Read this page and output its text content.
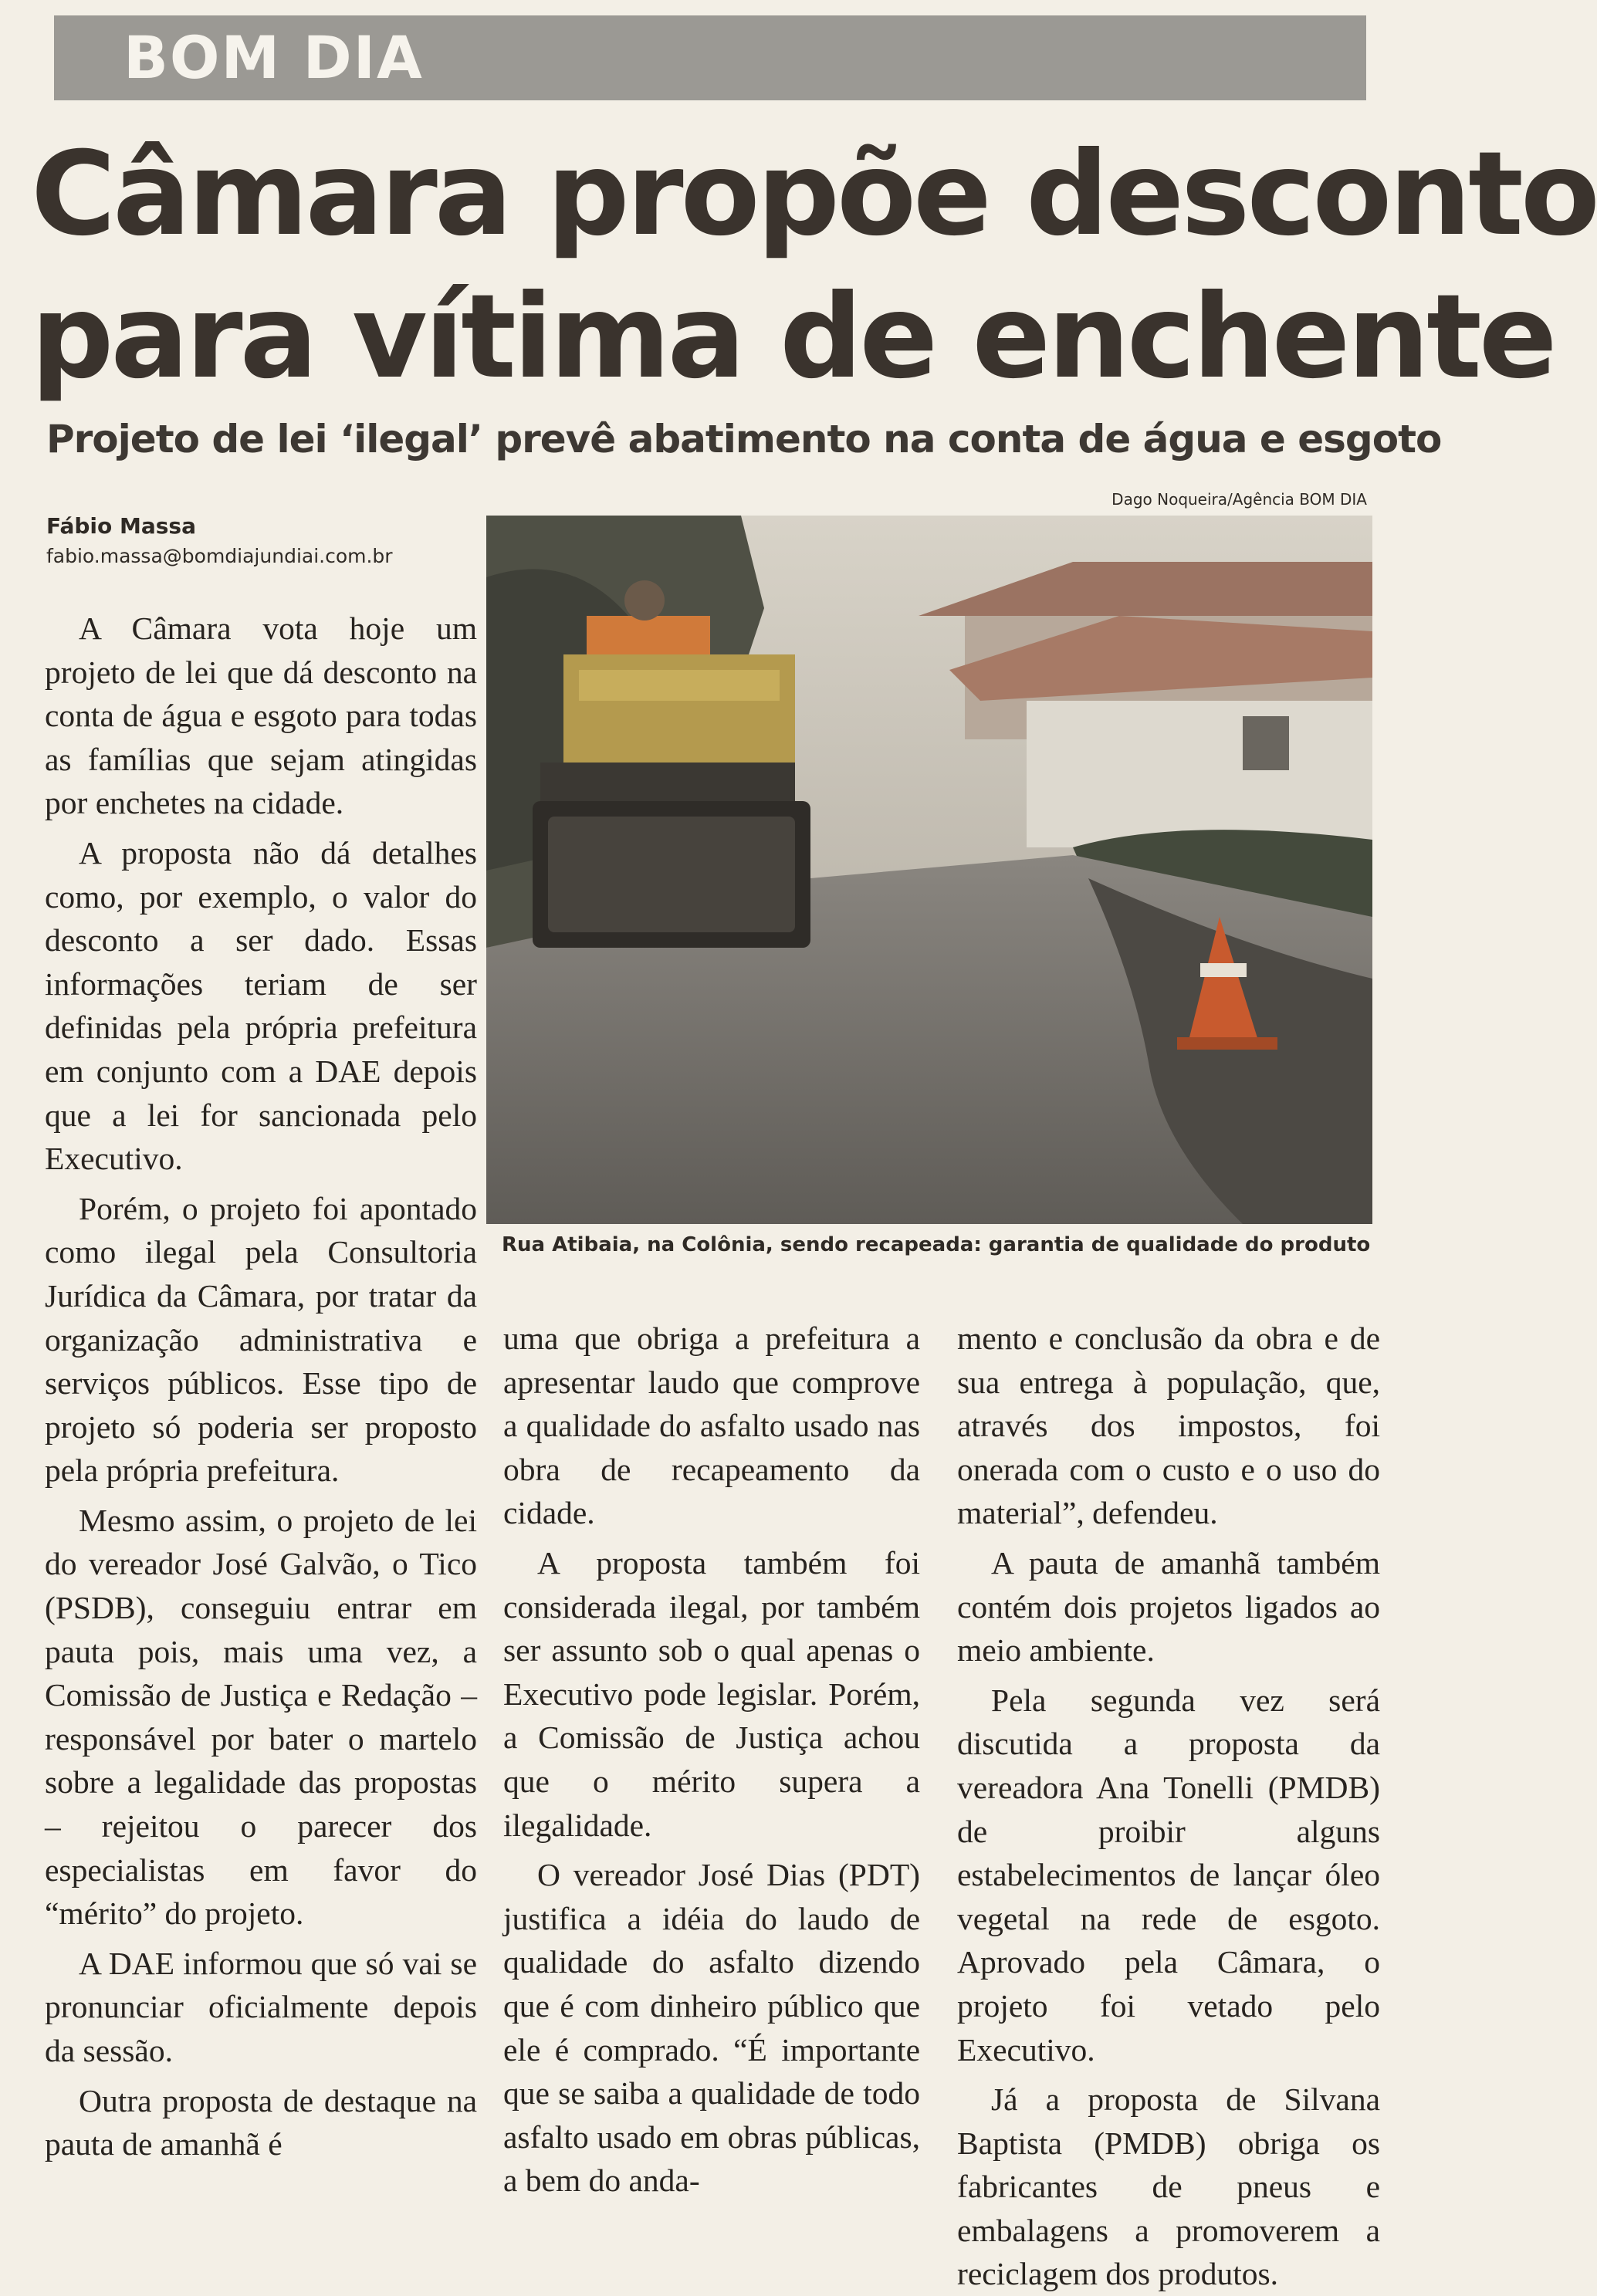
BOM DIA
Câmara propõe desconto
para vítima de enchente
Projeto de lei ‘ilegal’ prevê abatimento na conta de água e esgoto
Fábio Massa
fabio.massa@bomdiajundiai.com.br
Dago Noqueira/Agência BOM DIA
Rua Atibaia, na Colônia, sendo recapeada: garantia de qualidade do produto

A Câmara vota hoje um projeto de lei que dá desconto na conta de água e esgoto para todas as famílias que sejam atingidas por enchetes na cidade.

A proposta não dá detalhes como, por exemplo, o valor do desconto a ser dado. Essas informações teriam de ser definidas pela própria prefeitura em conjunto com a DAE depois que a lei for sancionada pelo Executivo.

Porém, o projeto foi apontado como ilegal pela Consultoria Jurídica da Câmara, por tratar da organização administrativa e serviços públicos. Esse tipo de projeto só poderia ser proposto pela própria prefeitura.

Mesmo assim, o projeto de lei do vereador José Galvão, o Tico (PSDB), conseguiu entrar em pauta pois, mais uma vez, a Comissão de Justiça e Redação – responsável por bater o martelo sobre a legalidade das propostas – rejeitou o parecer dos especialistas em favor do “mérito” do projeto.

A DAE informou que só vai se pronunciar oficialmente depois da sessão.

Outra proposta de destaque na pauta de amanhã é

uma que obriga a prefeitura a apresentar laudo que comprove a qualidade do asfalto usado nas obra de recapeamento da cidade.

A proposta também foi considerada ilegal, por também ser assunto sob o qual apenas o Executivo pode legislar. Porém, a Comissão de Justiça achou que o mérito supera a ilegalidade.

O vereador José Dias (PDT) justifica a idéia do laudo de qualidade do asfalto dizendo que é com dinheiro público que ele é comprado. “É importante que se saiba a qualidade de todo asfalto usado em obras públicas, a bem do anda-

mento e conclusão da obra e de sua entrega à população, que, através dos impostos, foi onerada com o custo e o uso do material”, defendeu.

A pauta de amanhã também contém dois projetos ligados ao meio ambiente.

Pela segunda vez será discutida a proposta da vereadora Ana Tonelli (PMDB) de proibir alguns estabelecimentos de lançar óleo vegetal na rede de esgoto. Aprovado pela Câmara, o projeto foi vetado pelo Executivo.

Já a proposta de Silvana Baptista (PMDB) obriga os fabricantes de pneus e embalagens a promoverem a reciclagem dos produtos.
